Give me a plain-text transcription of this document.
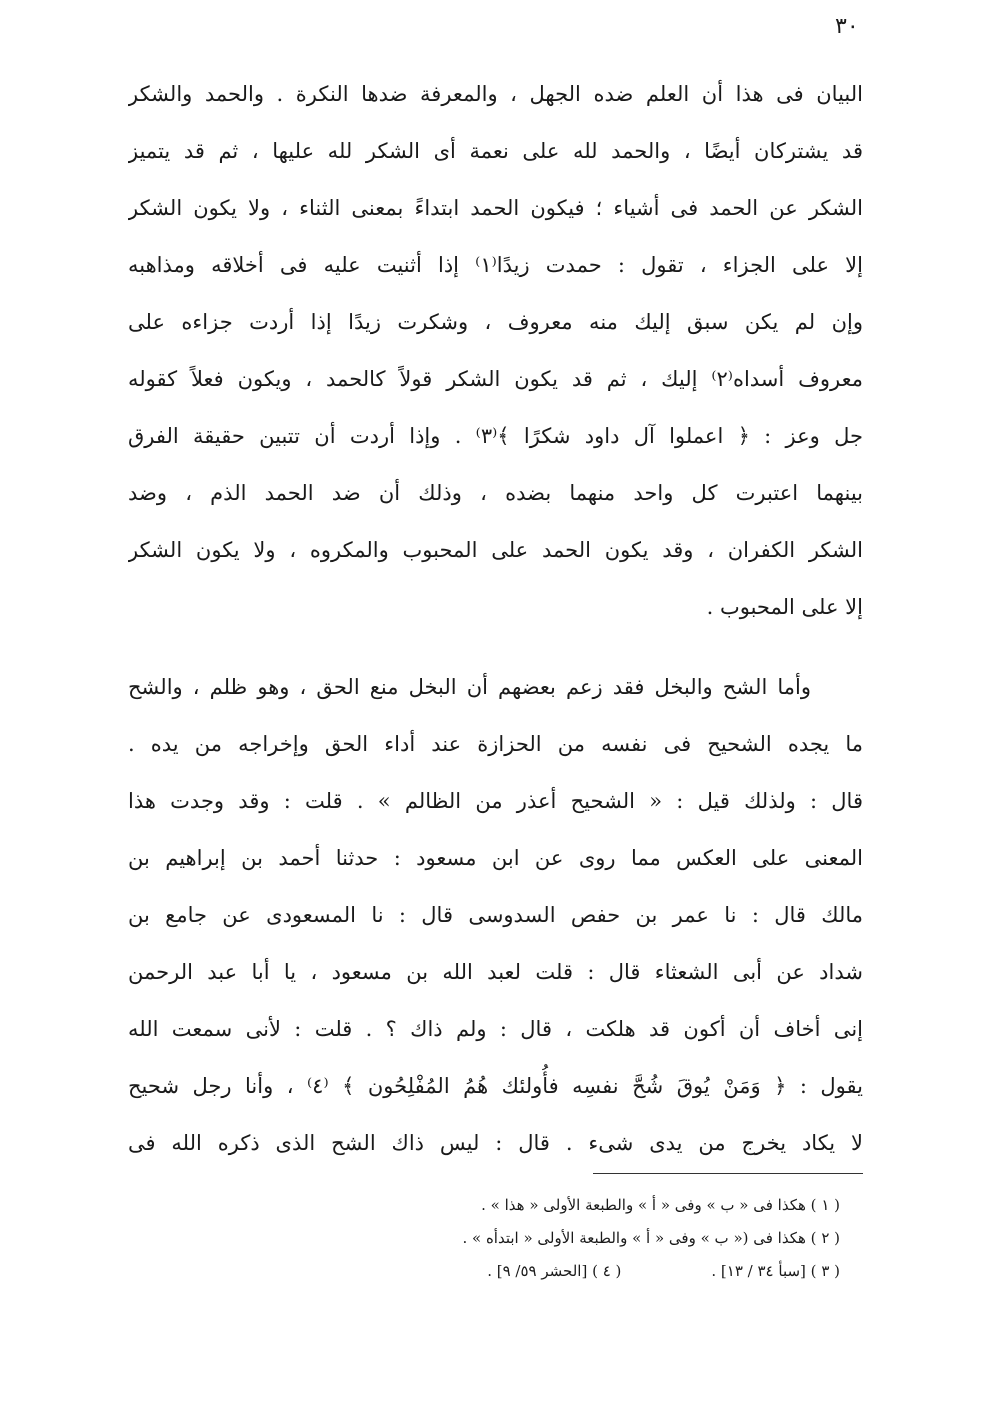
٣٠
البيان فى هذا أن العلم ضده الجهل ، والمعرفة ضدها النكرة . والحمد والشكر
قد يشتركان أيضًا ، والحمد لله على نعمة أى الشكر لله عليها ، ثم قد يتميز
الشكر عن الحمد فى أشياء ؛ فيكون الحمد ابتداءً بمعنى الثناء ، ولا يكون الشكر
إلا على الجزاء ، تقول : حمدت زيدًا⁽١⁾ إذا أثنيت عليه فى أخلاقه ومذاهبه
وإن لم يكن سبق إليك منه معروف ، وشكرت زيدًا إذا أردت جزاءه على
معروف أسداه⁽٢⁾ إليك ، ثم قد يكون الشكر قولاً كالحمد ، ويكون فعلاً كقوله
جل وعز : ﴿ اعملوا آل داود شكرًا ﴾⁽٣⁾ . وإذا أردت أن تتبين حقيقة الفرق
بينهما اعتبرت كل واحد منهما بضده ، وذلك أن ضد الحمد الذم ، وضد
الشكر الكفران ، وقد يكون الحمد على المحبوب والمكروه ، ولا يكون الشكر
إلا على المحبوب .
وأما الشح والبخل فقد زعم بعضهم أن البخل منع الحق ، وهو ظلم ، والشح
ما يجده الشحيح فى نفسه من الحزازة عند أداء الحق وإخراجه من يده .
قال : ولذلك قيل : « الشحيح أعذر من الظالم » . قلت : وقد وجدت هذا
المعنى على العكس مما روى عن ابن مسعود : حدثنا أحمد بن إبراهيم بن
مالك قال : نا عمر بن حفص السدوسى قال : نا المسعودى عن جامع بن
شداد عن أبى الشعثاء قال : قلت لعبد الله بن مسعود ، يا أبا عبد الرحمن
إنى أخاف أن أكون قد هلكت ، قال : ولم ذاك ؟ . قلت : لأنى سمعت الله
يقول : ﴿ وَمَنْ يُوقَ شُحَّ نفسِه فأُولئك هُمُ المُفْلِحُون ﴾ ⁽٤⁾ ، وأنا رجل شحيح
لا يكاد يخرج من يدى شىء . قال : ليس ذاك الشح الذى ذكره الله فى
( ١ ) هكذا فى « ب » وفى « أ » والطبعة الأولى « هذا » .
( ٢ ) هكذا فى (« ب » وفى « أ » والطبعة الأولى « ابتدأه » .
( ٣ ) [سبأ ٣٤ / ١٣] .
( ٤ ) [الحشر ٥٩/ ٩] .
